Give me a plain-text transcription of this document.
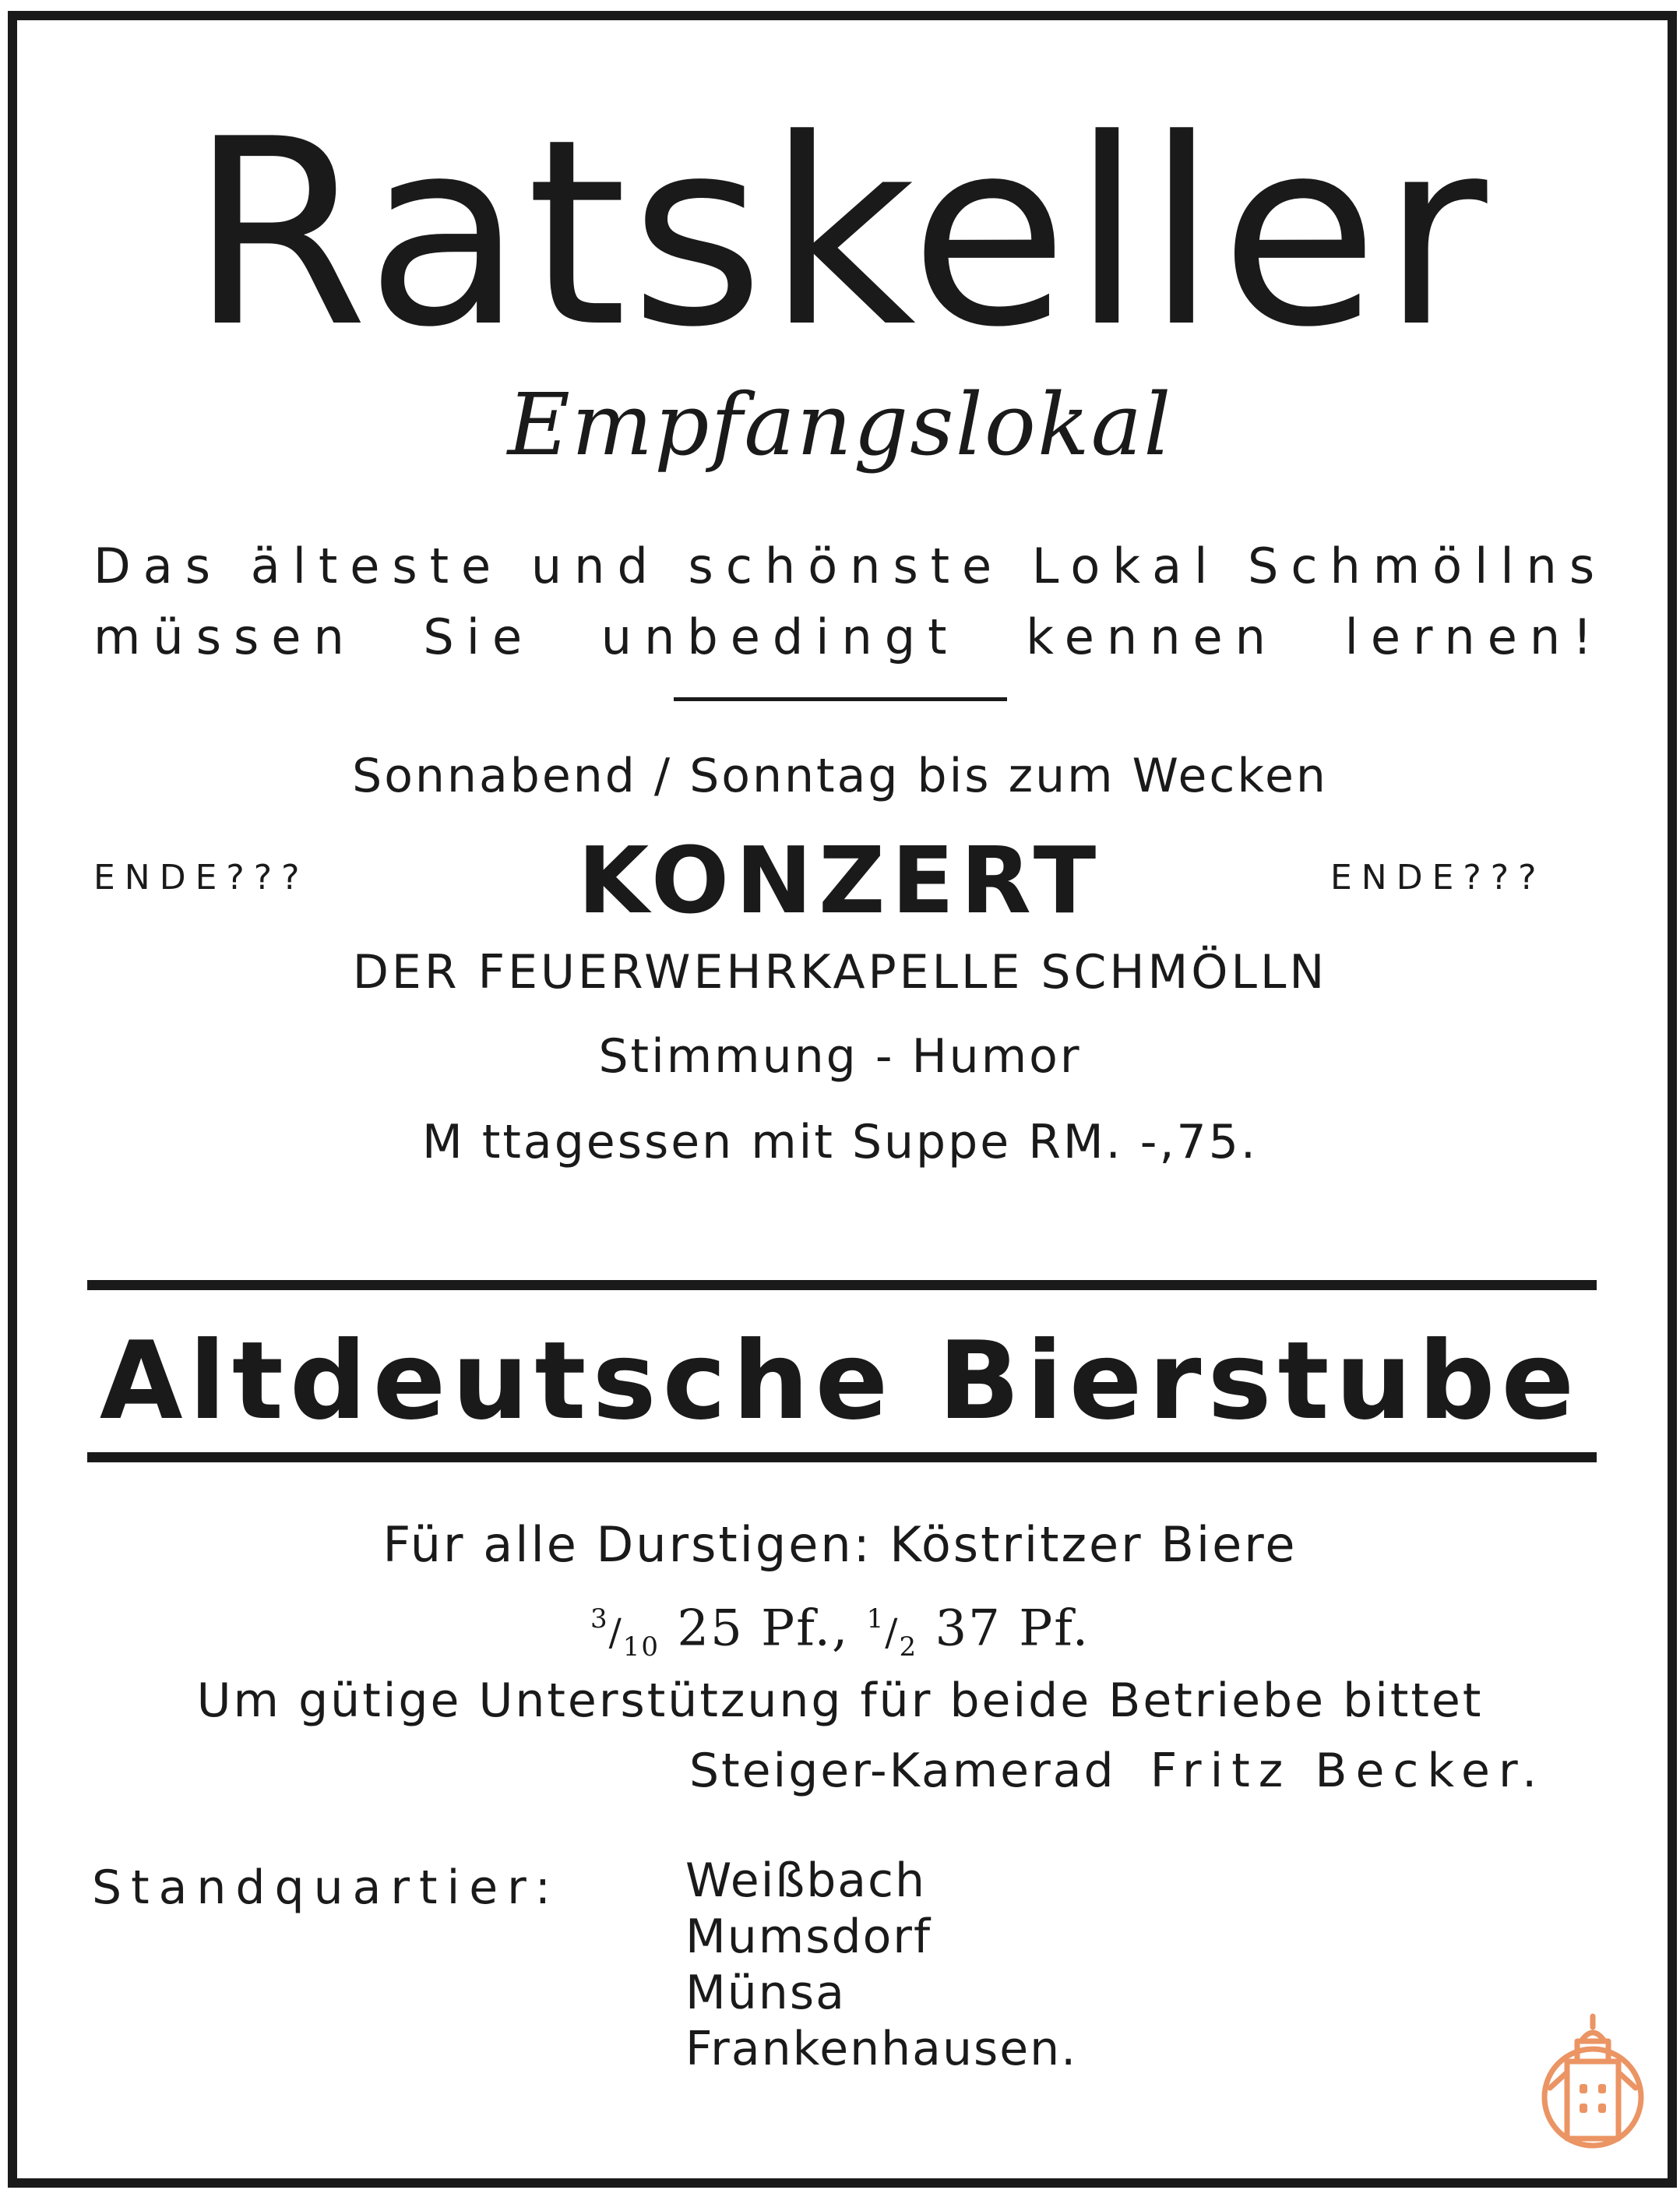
Ratskeller
Empfangslokal
Das älteste und schönste Lokal Schmöllns
müssen Sie unbedingt kennen lernen!
Sonnabend / Sonntag bis zum Wecken
ENDE???	KONZERT	ENDE???
DER FEUERWEHRKAPELLE SCHMÖLLN
Stimmung - Humor
M ttagessen mit Suppe RM. -,75.
Altdeutsche Bierstube
Für alle Durstigen: Köstritzer Biere
$^3/_{10}$ 25 Pf., $^1/_2$ 37 Pf.
Um gütige Unterstützung für beide Betriebe bittet
Steiger-Kamerad Fritz Becker.
Standquartier:	Weißbach
Mumsdorf
Münsa
Frankenhausen.
